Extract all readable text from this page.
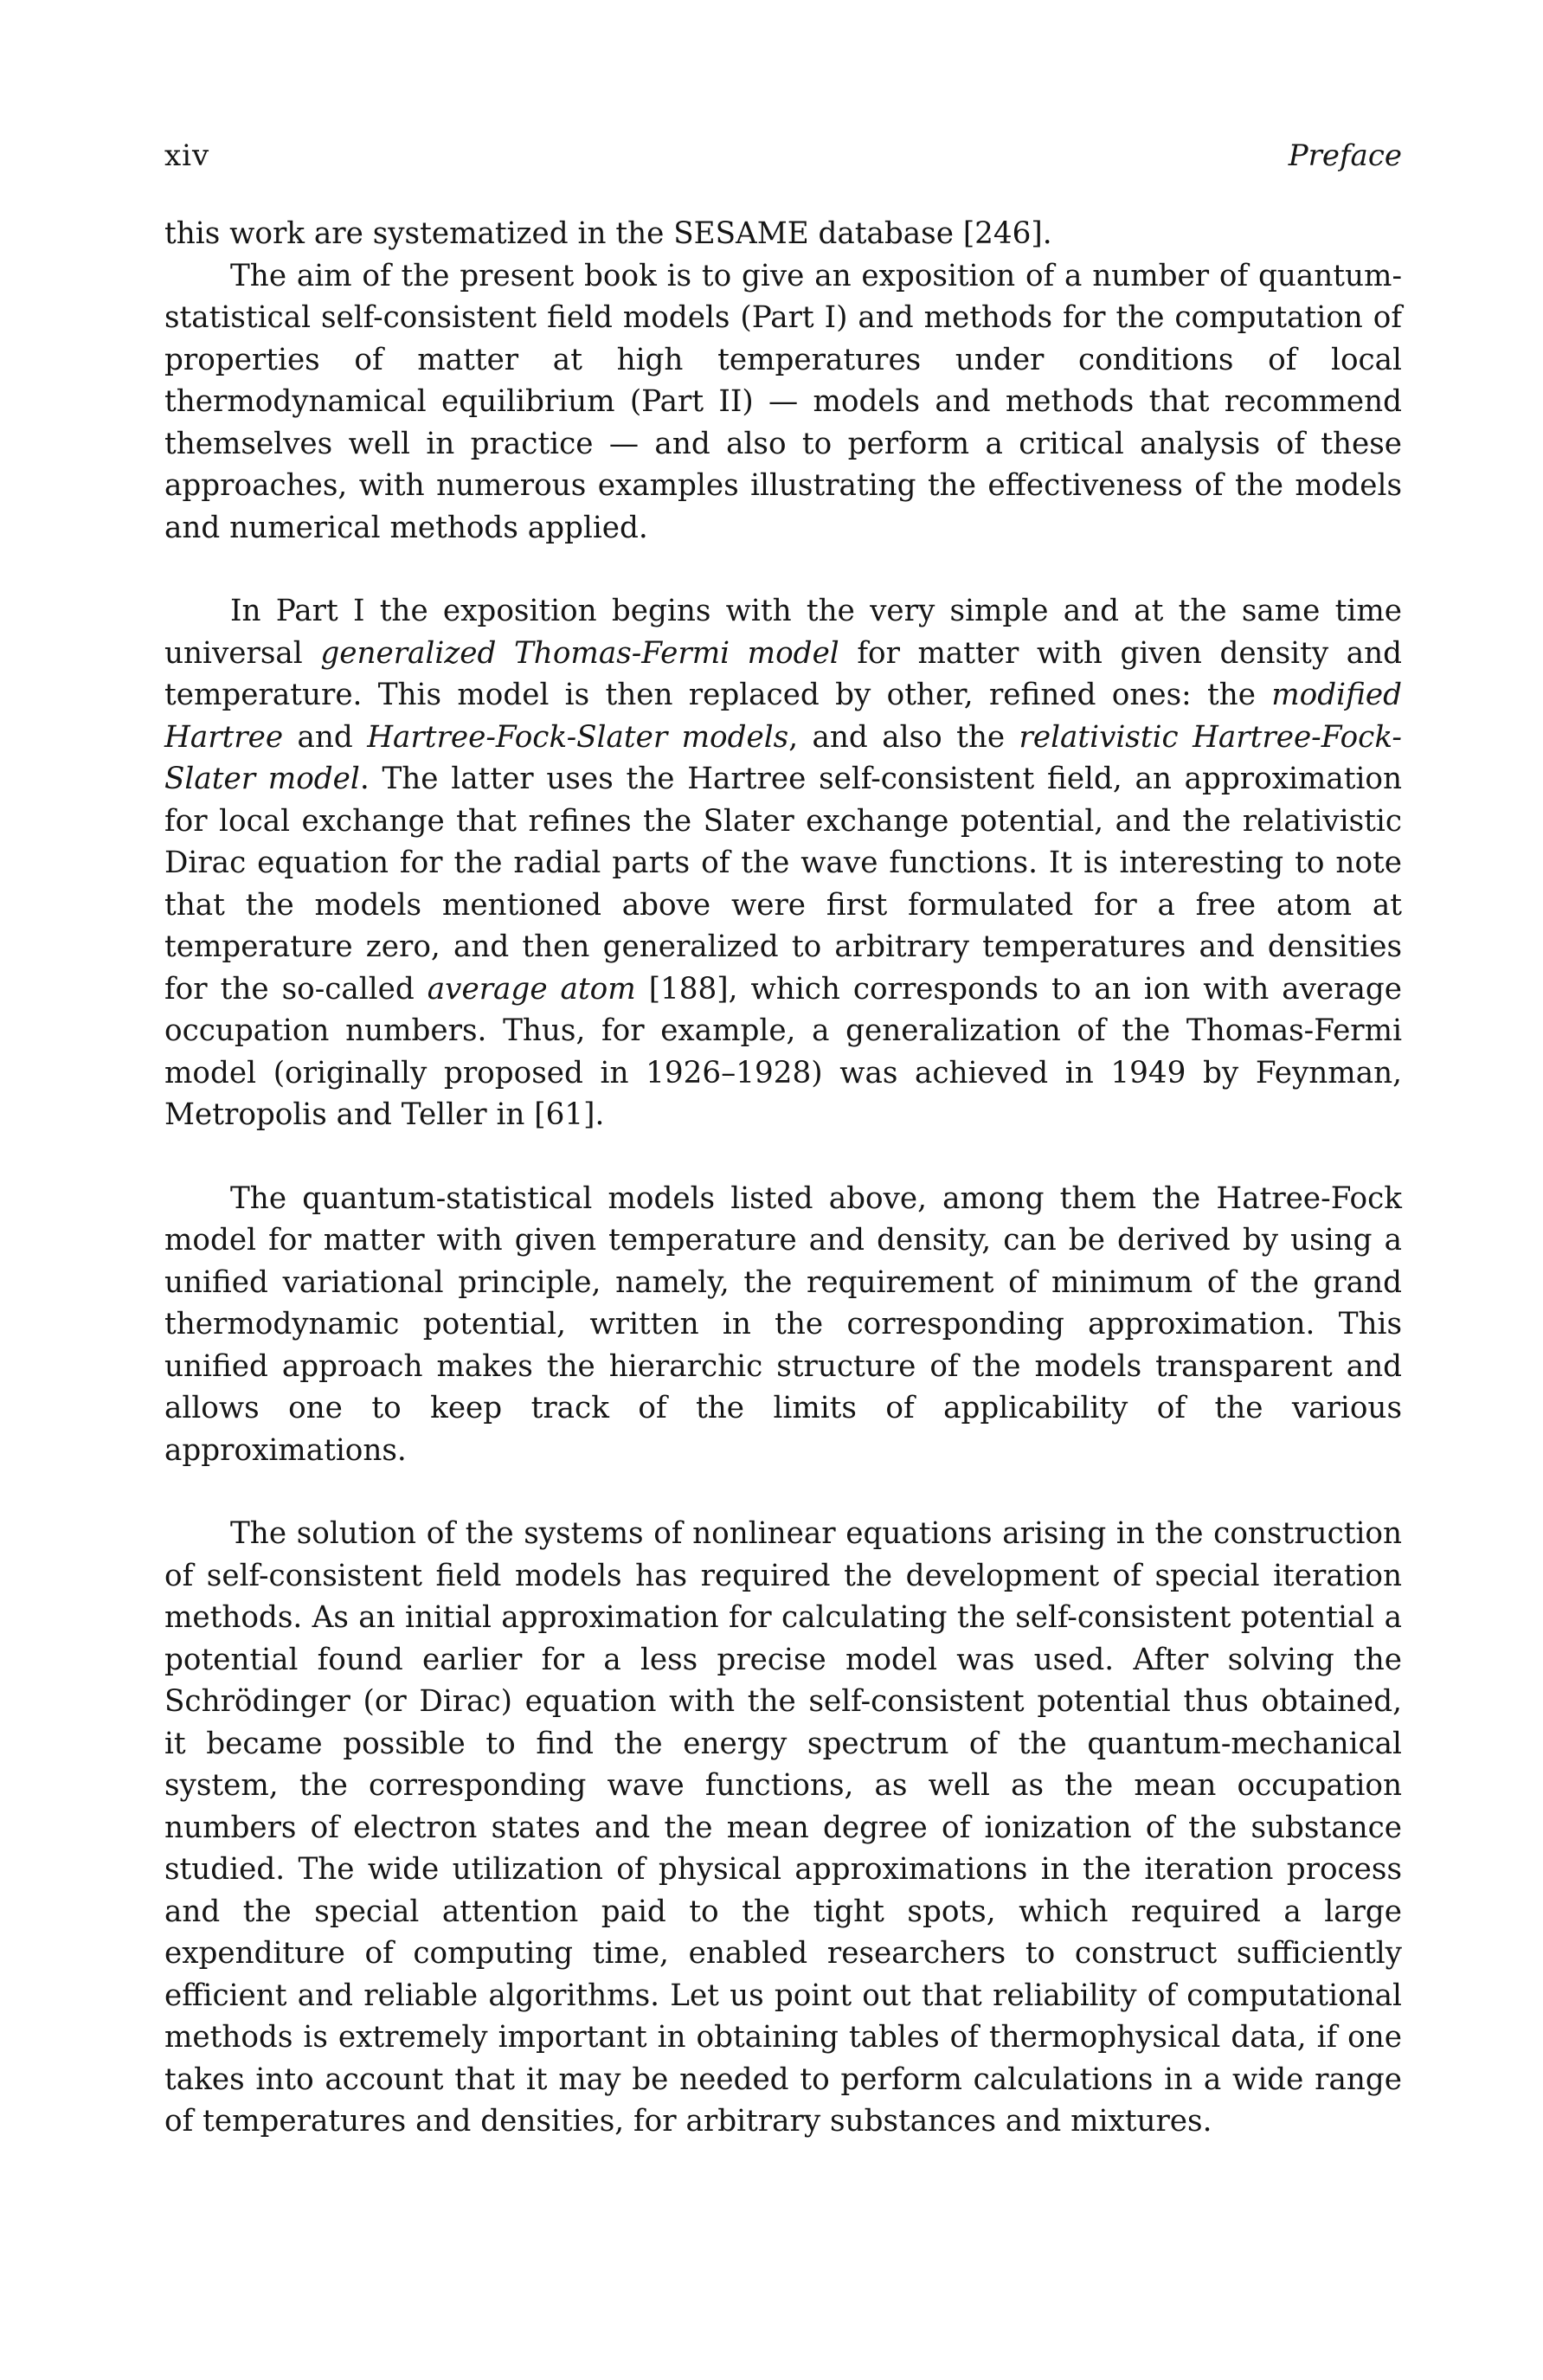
xiv	Preface

this work are systematized in the SESAME database [246].

The aim of the present book is to give an exposition of a number of quantum-statistical self-consistent field models (Part I) and methods for the computation of properties of matter at high temperatures under conditions of local thermodynamical equilibrium (Part II) — models and methods that recommend themselves well in practice — and also to perform a critical analysis of these approaches, with numerous examples illustrating the effectiveness of the models and numerical methods applied.

In Part I the exposition begins with the very simple and at the same time universal generalized Thomas-Fermi model for matter with given density and temperature. This model is then replaced by other, refined ones: the modified Hartree and Hartree-Fock-Slater models, and also the relativistic Hartree-Fock-Slater model. The latter uses the Hartree self-consistent field, an approximation for local exchange that refines the Slater exchange potential, and the relativistic Dirac equation for the radial parts of the wave functions. It is interesting to note that the models mentioned above were first formulated for a free atom at temperature zero, and then generalized to arbitrary temperatures and densities for the so-called average atom [188], which corresponds to an ion with average occupation numbers. Thus, for example, a generalization of the Thomas-Fermi model (originally proposed in 1926–1928) was achieved in 1949 by Feynman, Metropolis and Teller in [61].

The quantum-statistical models listed above, among them the Hatree-Fock model for matter with given temperature and density, can be derived by using a unified variational principle, namely, the requirement of minimum of the grand thermodynamic potential, written in the corresponding approximation. This unified approach makes the hierarchic structure of the models transparent and allows one to keep track of the limits of applicability of the various approximations.

The solution of the systems of nonlinear equations arising in the construction of self-consistent field models has required the development of special iteration methods. As an initial approximation for calculating the self-consistent potential a potential found earlier for a less precise model was used. After solving the Schrödinger (or Dirac) equation with the self-consistent potential thus obtained, it became possible to find the energy spectrum of the quantum-mechanical system, the corresponding wave functions, as well as the mean occupation numbers of electron states and the mean degree of ionization of the substance studied. The wide utilization of physical approximations in the iteration process and the special attention paid to the tight spots, which required a large expenditure of computing time, enabled researchers to construct sufficiently efficient and reliable algorithms. Let us point out that reliability of computational methods is extremely important in obtaining tables of thermophysical data, if one takes into account that it may be needed to perform calculations in a wide range of temperatures and densities, for arbitrary substances and mixtures.
